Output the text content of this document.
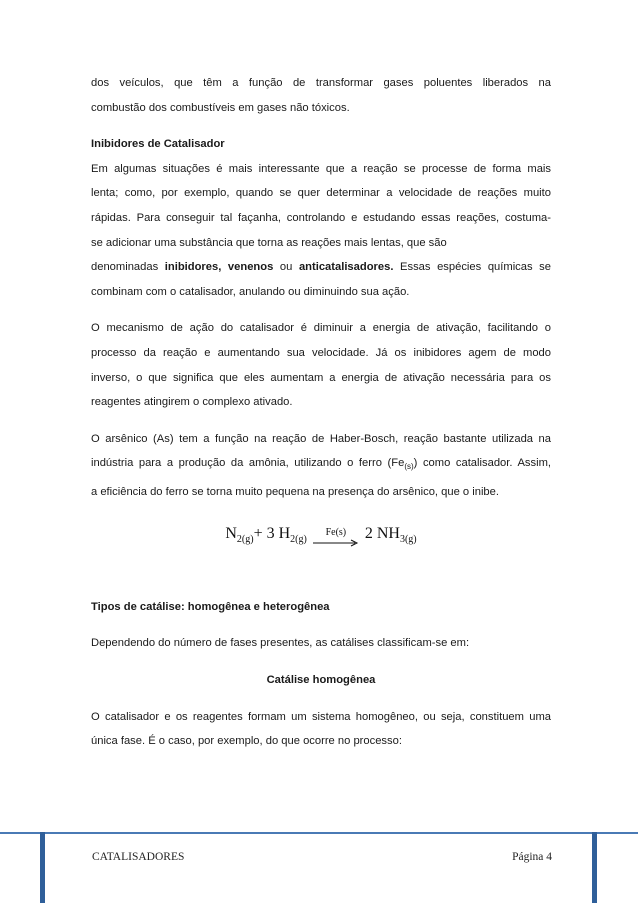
dos veículos, que têm a função de transformar gases poluentes liberados na

combustão dos combustíveis em gases não tóxicos.

Inibidores de Catalisador

Em algumas situações é mais interessante que a reação se processe de forma mais

lenta; como, por exemplo, quando se quer determinar a velocidade de reações muito

rápidas. Para conseguir tal façanha, controlando e estudando essas reações, costuma-

se adicionar uma substância que torna as reações mais lentas, que são

denominadas inibidores, venenos ou anticatalisadores. Essas espécies químicas se

combinam com o catalisador, anulando ou diminuindo sua ação.

O mecanismo de ação do catalisador é diminuir a energia de ativação, facilitando o

processo da reação e aumentando sua velocidade. Já os inibidores agem de modo

inverso, o que significa que eles aumentam a energia de ativação necessária para os

reagentes atingirem o complexo ativado.

O arsênico (As) tem a função na reação de Haber-Bosch, reação bastante utilizada na

indústria para a produção da amônia, utilizando o ferro $(Fe_{(s)})$ como catalisador. Assim,

a eficiência do ferro se torna muito pequena na presença do arsênico, que o inibe.

$N_{2(g)} + 3$ $H_{2(g)}$
Fe(s) 2 $NH_{3(g)}$

Tipos de catálise: homogênea e heterogênea

Dependendo do número de fases presentes, as catálises classificam-se em:

Catálise homogênea

O catalisador e os reagentes formam um sistema homogêneo, ou seja, constituem uma

única fase. É o caso, por exemplo, do que ocorre no processo:

CATALISADORES	Página 4
